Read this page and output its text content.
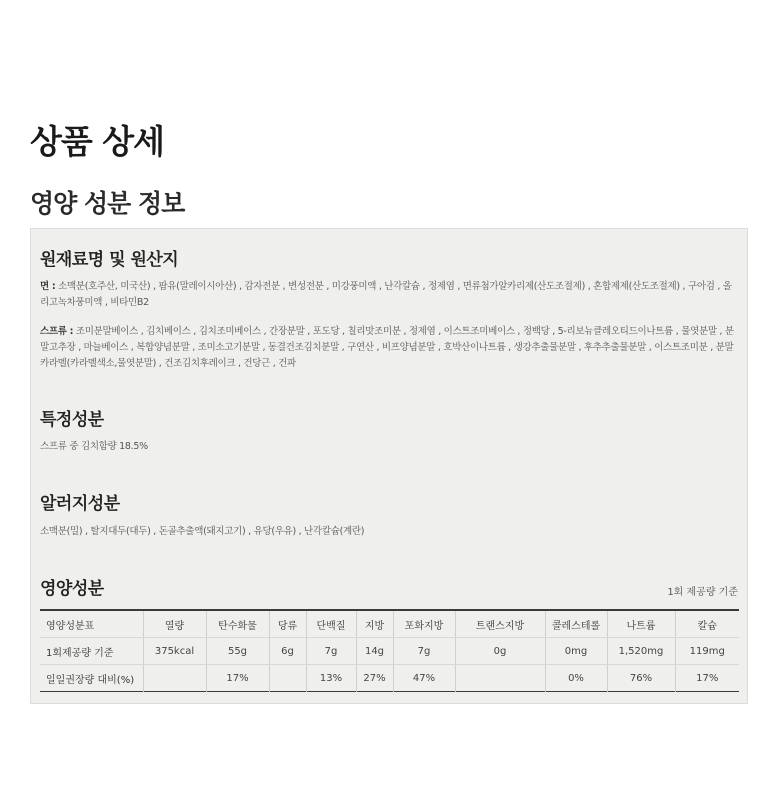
상품 상세
영양 성분 정보
원재료명 및 원산지

면 : 소맥분(호주산, 미국산) , 팜유(말레이시아산) , 감자전분 , 변성전분 , 미강풍미액 , 난각칼슘 , 정제염 , 면류첨가알카리제(산도조절제) , 혼합제제(산도조절제) , 구아검 , 올리고녹차풍미액 , 비타민B2

스프류 : 조미분말베이스 , 김치베이스 , 김치조미베이스 , 간장분말 , 포도당 , 칠리맛조미분 , 정제염 , 이스트조미베이스 , 정백당 , 5-리보뉴클레오티드이나트륨 , 물엿분말 , 분말고추장 , 마늘베이스 , 복합양념분말 , 조미소고기분말 , 동결건조김치분말 , 구연산 , 비프양념분말 , 호박산이나트륨 , 생강추출물분말 , 후추추출물분말 , 이스트조미분 , 분말카라멜(카라멜색소,물엿분말) , 건조김치후레이크 , 건당근 , 건파

특정성분

스프류 중 김치함량 18.5%

알러지성분

소맥분(밀) , 탈지대두(대두) , 돈골추출액(돼지고기) , 유당(우유) , 난각칼슘(계란)

영양성분	1회 제공량 기준
영양성분표	열량	탄수화물	당류	단백질	지방	포화지방	트랜스지방	콜레스테롤	나트륨	칼슘
1회제공량 기준	375kcal	55g	6g	7g	14g	7g	0g	0mg	1,520mg	119mg
일일권장량 대비(%)		17%		13%	27%	47%		0%	76%	17%
